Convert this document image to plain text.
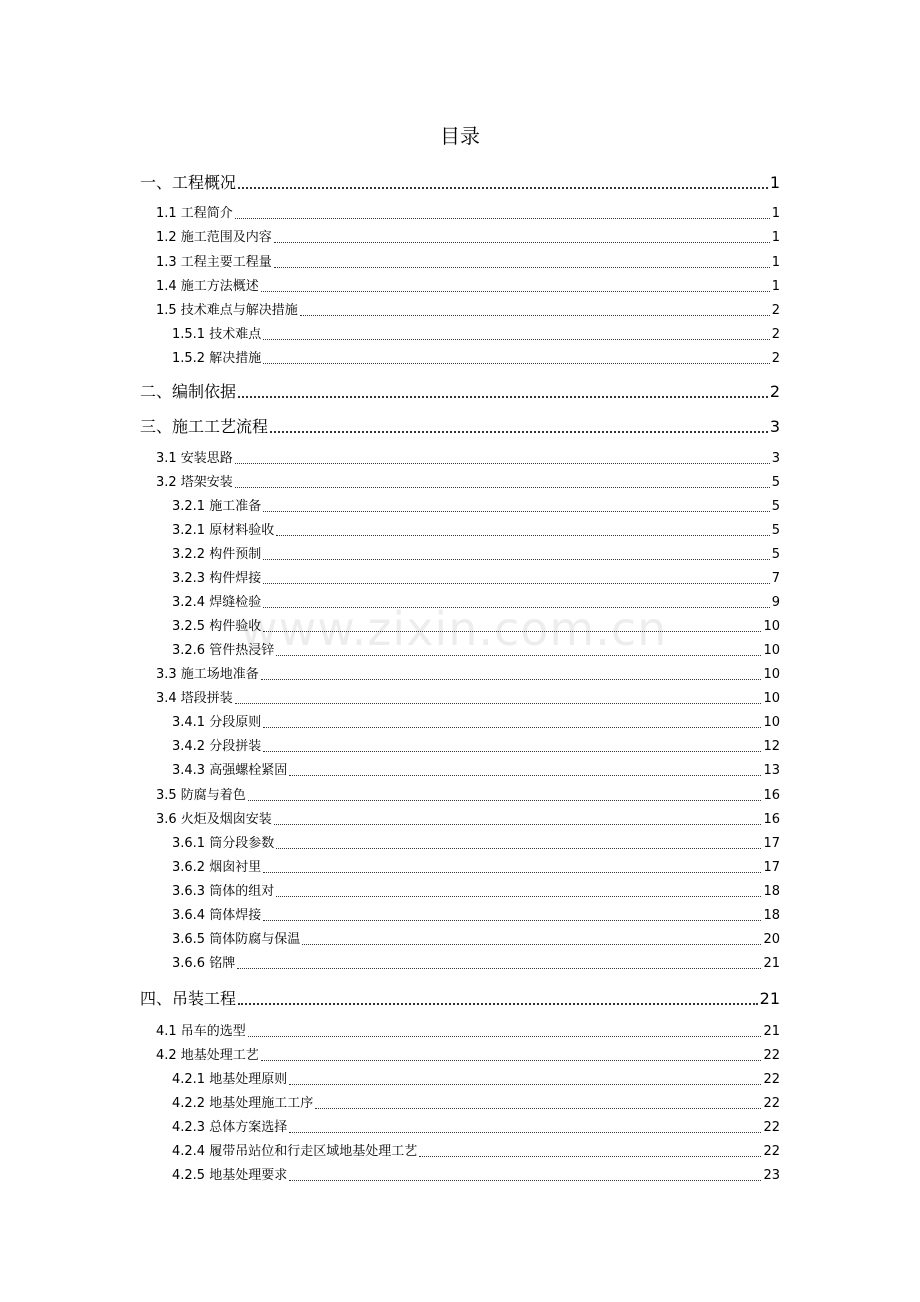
目录
www.zixin.com.cn
一、工程概况	1
1.1 工程简介	1
1.2 施工范围及内容	1
1.3 工程主要工程量	1
1.4 施工方法概述	1
1.5 技术难点与解决措施	2
1.5.1 技术难点	2
1.5.2 解决措施	2
二、编制依据	2
三、施工工艺流程	3
3.1 安装思路	3
3.2 塔架安装	5
3.2.1 施工准备	5
3.2.1 原材料验收	5
3.2.2 构件预制	5
3.2.3 构件焊接	7
3.2.4 焊缝检验	9
3.2.5 构件验收	10
3.2.6 管件热浸锌	10
3.3 施工场地准备	10
3.4 塔段拼装	10
3.4.1 分段原则	10
3.4.2 分段拼装	12
3.4.3 高强螺栓紧固	13
3.5 防腐与着色	16
3.6 火炬及烟囱安装	16
3.6.1 筒分段参数	17
3.6.2 烟囱衬里	17
3.6.3 筒体的组对	18
3.6.4 筒体焊接	18
3.6.5 筒体防腐与保温	20
3.6.6 铭牌	21
四、吊装工程	21
4.1 吊车的选型	21
4.2 地基处理工艺	22
4.2.1 地基处理原则	22
4.2.2 地基处理施工工序	22
4.2.3 总体方案选择	22
4.2.4 履带吊站位和行走区域地基处理工艺	22
4.2.5 地基处理要求	23
